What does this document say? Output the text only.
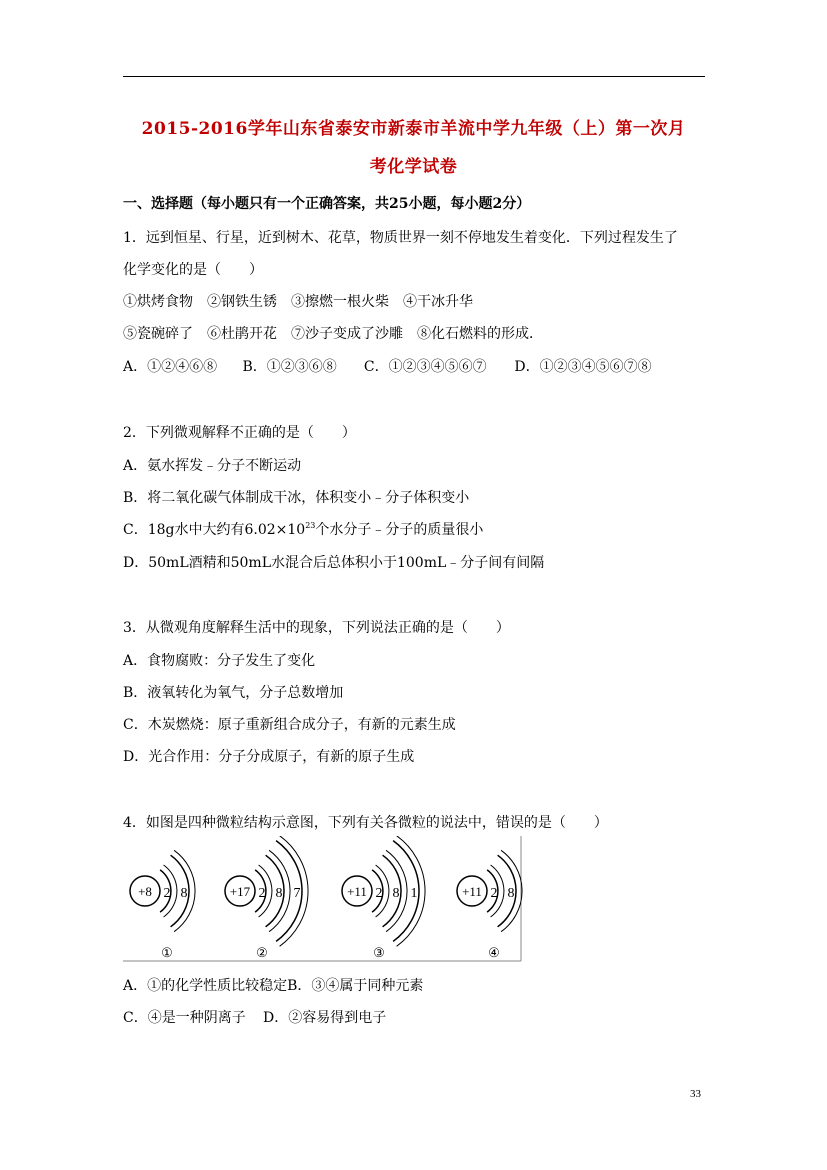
2015-2016学年山东省泰安市新泰市羊流中学九年级（上）第一次月
考化学试卷
一、选择题（每小题只有一个正确答案，共25小题，每小题2分）
1．远到恒星、行星，近到树木、花草，物质世界一刻不停地发生着变化．下列过程发生了
化学变化的是（　　）
①烘烤食物　②钢铁生锈　③擦燃一根火柴　④干冰升华
⑤瓷碗碎了　⑥杜鹃开花　⑦沙子变成了沙雕　⑧化石燃料的形成．
A．①②④⑥⑧ B．①②③⑥⑧ C．①②③④⑤⑥⑦ D．①②③④⑤⑥⑦⑧
2．下列微观解释不正确的是（　　）
A．氨水挥发﹣分子不断运动
B．将二氧化碳气体制成干冰，体积变小﹣分子体积变小
C．18g水中大约有$6.02\times 10^{23}$个水分子﹣分子的质量很小
D．50mL酒精和50mL水混合后总体积小于100mL﹣分子间有间隔
3．从微观角度解释生活中的现象，下列说法正确的是（　　）
A．食物腐败：分子发生了变化
B．液氧转化为氧气，分子总数增加
C．木炭燃烧：原子重新组合成分子，有新的元素生成
D．光合作用：分子分成原子，有新的原子生成
4．如图是四种微粒结构示意图，下列有关各微粒的说法中，错误的是（　　）
+8 2 8
①
+17 2 8 7
②
+11 2 8 1
③
+11 2 8
④
A．①的化学性质比较稳定B．③④属于同种元素
C．④是一种阴离子 D．②容易得到电子
33
